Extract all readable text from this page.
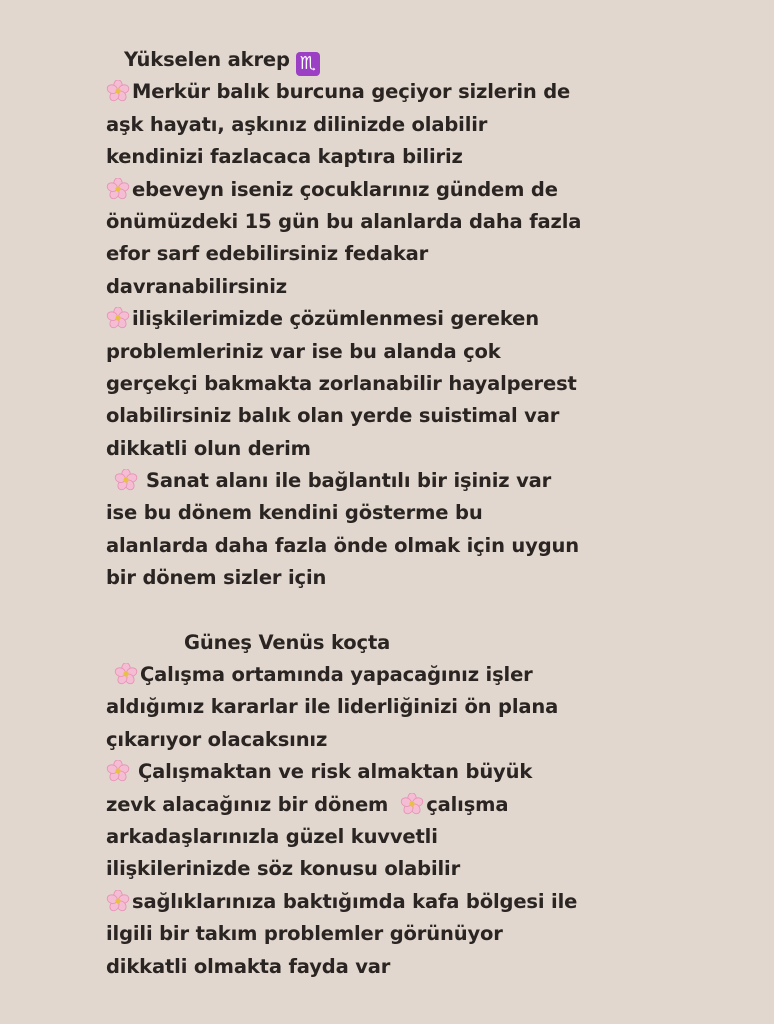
Yükselen akrep ♏
Merkür balık burcuna geçiyor sizlerin de
aşk hayatı, aşkınız dilinizde olabilir
kendinizi fazlacaca kaptıra biliriz
ebeveyn iseniz çocuklarınız gündem de
önümüzdeki 15 gün bu alanlarda daha fazla
efor sarf edebilirsiniz fedakar
davranabilirsiniz
ilişkilerimizde çözümlenmesi gereken
problemleriniz var ise bu alanda çok
gerçekçi bakmakta zorlanabilir hayalperest
olabilirsiniz balık olan yerde suistimal var
dikkatli olun derim
Sanat alanı ile bağlantılı bir işiniz var
ise bu dönem kendini gösterme bu
alanlarda daha fazla önde olmak için uygun
bir dönem sizler için
Güneş Venüs koçta
Çalışma ortamında yapacağınız işler
aldığımız kararlar ile liderliğinizi ön plana
çıkarıyor olacaksınız
Çalışmaktan ve risk almaktan büyük
zevk alacağınız bir dönem çalışma
arkadaşlarınızla güzel kuvvetli
ilişkilerinizde söz konusu olabilir
sağlıklarınıza baktığımda kafa bölgesi ile
ilgili bir takım problemler görünüyor
dikkatli olmakta fayda var
